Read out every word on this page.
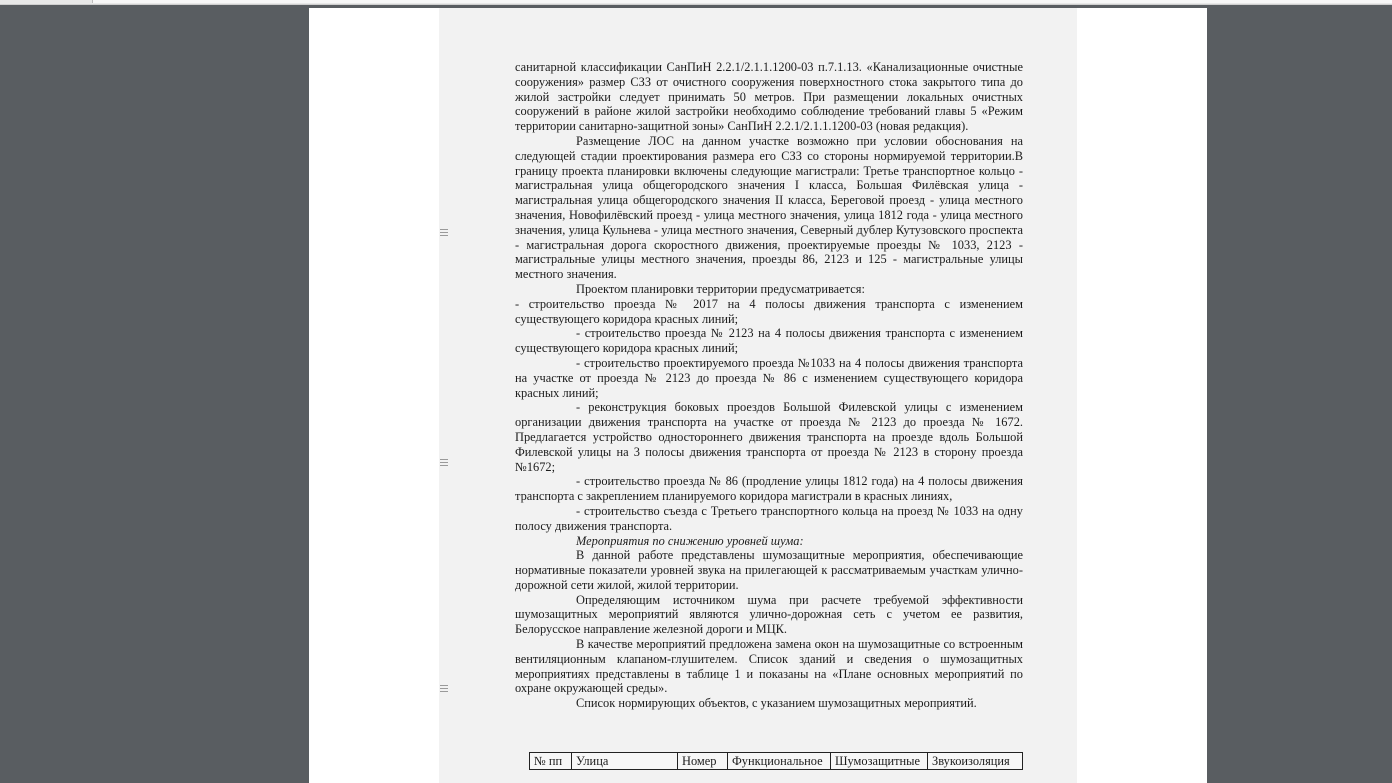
санитарной классификации СанПиН 2.2.1/2.1.1.1200-03 п.7.1.13. «Канализационные очистные сооружения» размер СЗЗ от очистного сооружения поверхностного стока закрытого типа до жилой застройки следует принимать 50 метров. При размещении локальных очистных сооружений в районе жилой застройки необходимо соблюдение требований главы 5 «Режим территории санитарно-защитной зоны» СанПиН 2.2.1/2.1.1.1200-03 (новая редакция).

Размещение ЛОС на данном участке возможно при условии обоснования на следующей стадии проектирования размера его СЗЗ со стороны нормируемой территории.В границу проекта планировки включены следующие магистрали: Третье транспортное кольцо - магистральная улица общегородского значения I класса, Большая Филёвская улица - магистральная улица общегородского значения II класса, Береговой проезд - улица местного значения, Новофилёвский проезд - улица местного значения, улица 1812 года - улица местного значения, улица Кульнева - улица местного значения, Северный дублер Кутузовского проспекта - магистральная дорога скоростного движения, проектируемые проезды № 1033, 2123 - магистральные улицы местного значения, проезды 86, 2123 и 125 - магистральные улицы местного значения.

Проектом планировки территории предусматривается:

- строительство проезда № 2017 на 4 полосы движения транспорта с изменением существующего коридора красных линий;

- строительство проезда № 2123 на 4 полосы движения транспорта с изменением существующего коридора красных линий;

- строительство проектируемого проезда №1033 на 4 полосы движения транспорта на участке от проезда № 2123 до проезда № 86 с изменением существующего коридора красных линий;

- реконструкция боковых проездов Большой Филевской улицы с изменением организации движения транспорта на участке от проезда № 2123 до проезда № 1672. Предлагается устройство одностороннего движения транспорта на проезде вдоль Большой Филевской улицы на 3 полосы движения транспорта от проезда № 2123 в сторону проезда №1672;

- строительство проезда № 86 (продление улицы 1812 года) на 4 полосы движения транспорта с закреплением планируемого коридора магистрали в красных линиях,

- строительство съезда с Третьего транспортного кольца на проезд № 1033 на одну полосу движения транспорта.

Мероприятия по снижению уровней шума:

В данной работе представлены шумозащитные мероприятия, обеспечивающие нормативные показатели уровней звука на прилегающей к рассматриваемым участкам улично-дорожной сети жилой, жилой территории.

Определяющим источником шума при расчете требуемой эффективности шумозащитных мероприятий являются улично-дорожная сеть с учетом ее развития, Белорусское направление железной дороги и МЦК.

В качестве мероприятий предложена замена окон на шумозащитные со встроенным вентиляционным клапаном-глушителем. Список зданий и сведения о шумозащитных мероприятиях представлены в таблице 1 и показаны на «Плане основных мероприятий по охране окружающей среды».

Список нормирующих объектов, с указанием шумозащитных мероприятий.

№ пп	Улица	Номер	Функциональное	Шумозащитные	Звукоизоляция
